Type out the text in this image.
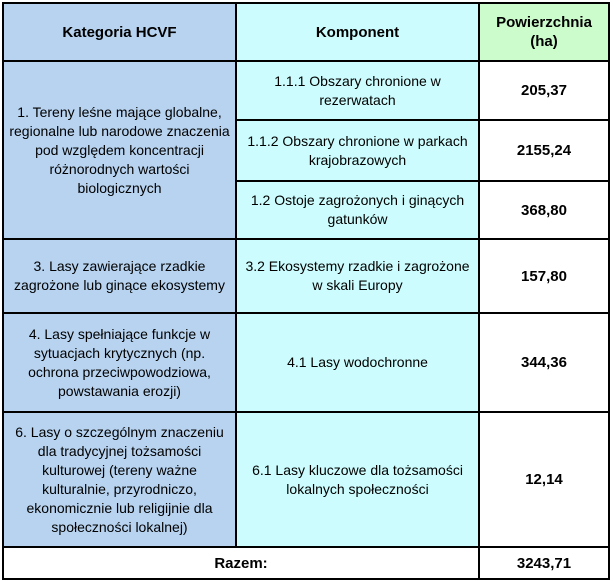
Kategoria HCVF	Komponent	Powierzchnia (ha)
1. Tereny leśne mające globalne, regionalne lub narodowe znaczenia pod względem koncentracji różnorodnych wartości biologicznych	1.1.1 Obszary chronione w rezerwatach	205,37
	1.1.2 Obszary chronione w parkach krajobrazowych	2155,24
	1.2 Ostoje zagrożonych i ginących gatunków	368,80
3. Lasy zawierające rzadkie zagrożone lub ginące ekosystemy	3.2 Ekosystemy rzadkie i zagrożone w skali Europy	157,80
4. Lasy spełniające funkcje w sytuacjach krytycznych (np. ochrona przeciwpowodziowa, powstawania erozji)	4.1 Lasy wodochronne	344,36
6. Lasy o szczególnym znaczeniu dla tradycyjnej tożsamości kulturowej (tereny ważne kulturalnie, przyrodniczo, ekonomicznie lub religijnie dla społeczności lokalnej)	6.1 Lasy kluczowe dla tożsamości lokalnych społeczności	12,14
Razem:		3243,71
